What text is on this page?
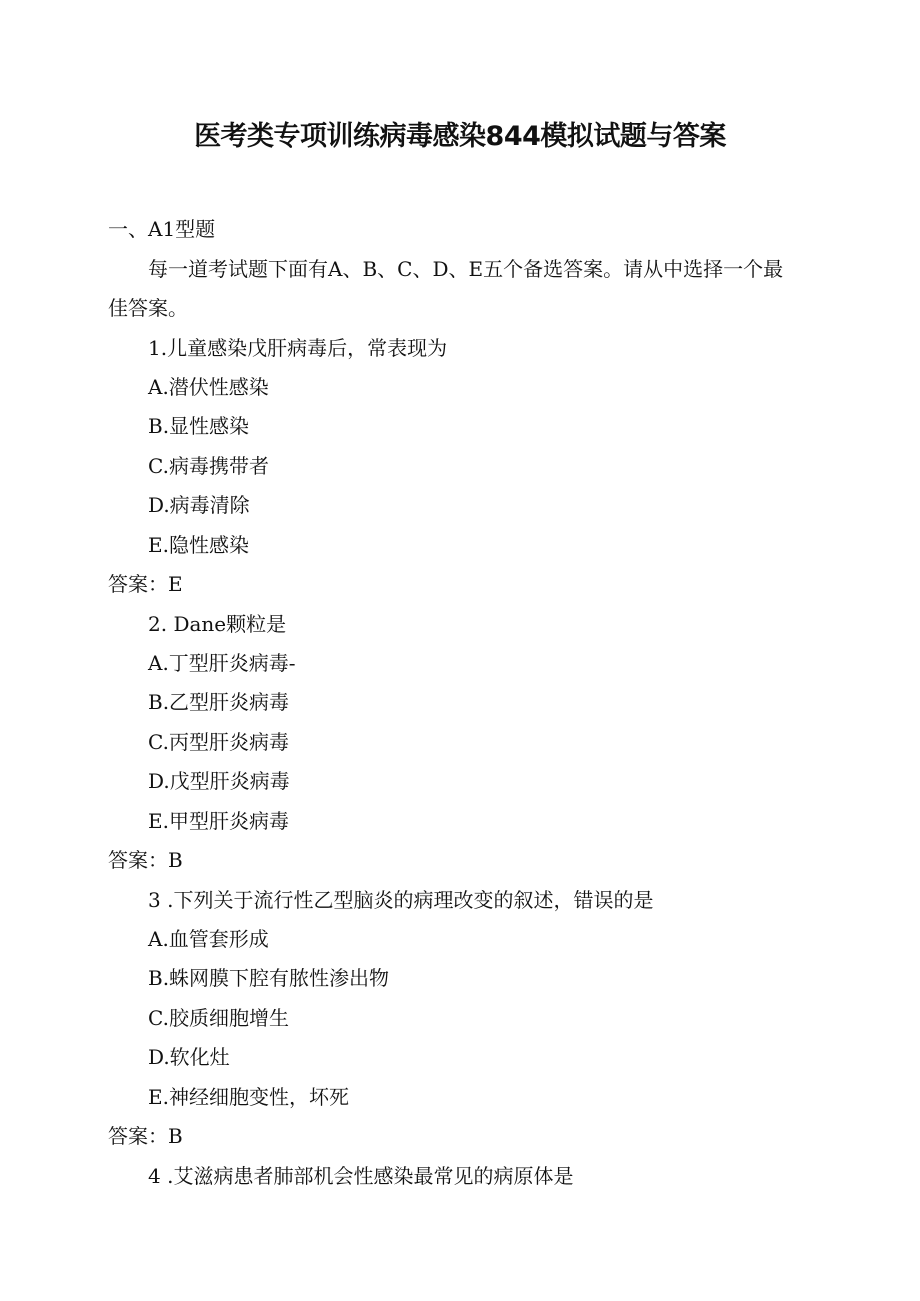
医考类专项训练病毒感染844模拟试题与答案

一、A1型题

每一道考试题下面有A、B、C、D、E五个备选答案。请从中选择一个最

佳答案。

1.儿童感染戊肝病毒后，常表现为

A.潜伏性感染

B.显性感染

C.病毒携带者

D.病毒清除

E.隐性感染

答案：E

2. Dane颗粒是

A.丁型肝炎病毒-

B.乙型肝炎病毒

C.丙型肝炎病毒

D.戊型肝炎病毒

E.甲型肝炎病毒

答案：B

3 .下列关于流行性乙型脑炎的病理改变的叙述，错误的是

A.血管套形成

B.蛛网膜下腔有脓性渗出物

C.胶质细胞增生

D.软化灶

E.神经细胞变性，坏死

答案：B

4 .艾滋病患者肺部机会性感染最常见的病原体是
